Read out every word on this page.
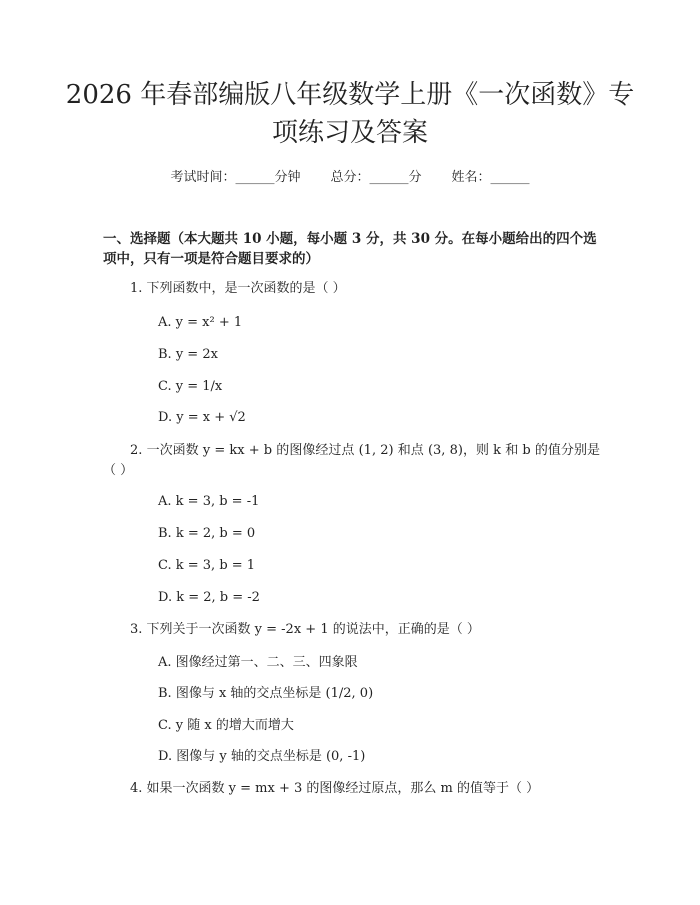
2026 年春部编版八年级数学上册《一次函数》专项练习及答案
考试时间：______分钟 总分：______分 姓名：______

一、选择题（本大题共 10 小题，每小题 3 分，共 30 分。在每小题给出的四个选项中，只有一项是符合题目要求的）

1. 下列函数中，是一次函数的是（ ）

A. y = x² + 1

B. y = 2x

C. y = 1/x

D. y = x + √2

2. 一次函数 y = kx + b 的图像经过点 (1, 2) 和点 (3, 8)，则 k 和 b 的值分别是（ ）

A. k = 3, b = -1

B. k = 2, b = 0

C. k = 3, b = 1

D. k = 2, b = -2

3. 下列关于一次函数 y = -2x + 1 的说法中，正确的是（ ）

A. 图像经过第一、二、三、四象限

B. 图像与 x 轴的交点坐标是 (1/2, 0)

C. y 随 x 的增大而增大

D. 图像与 y 轴的交点坐标是 (0, -1)

4. 如果一次函数 y = mx + 3 的图像经过原点，那么 m 的值等于（ ）
